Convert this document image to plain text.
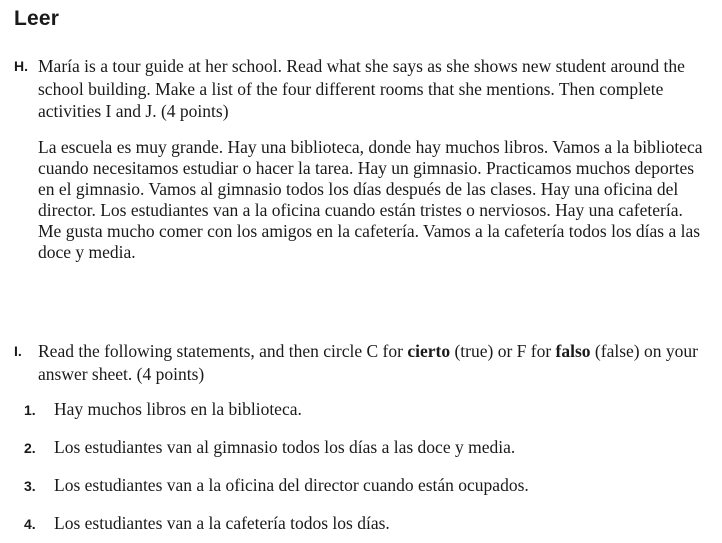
Leer
H. María is a tour guide at her school. Read what she says as she shows new student around the school building. Make a list of the four different rooms that she mentions. Then complete activities I and J. (4 points)
La escuela es muy grande. Hay una biblioteca, donde hay muchos libros. Vamos a la biblioteca cuando necesitamos estudiar o hacer la tarea. Hay un gimnasio. Practicamos muchos deportes en el gimnasio. Vamos al gimnasio todos los días después de las clases. Hay una oficina del director. Los estudiantes van a la oficina cuando están tristes o nerviosos. Hay una cafetería. Me gusta mucho comer con los amigos en la cafetería. Vamos a la cafetería todos los días a las doce y media.
I. Read the following statements, and then circle C for cierto (true) or F for falso (false) on your answer sheet. (4 points)
1. Hay muchos libros en la biblioteca.
2. Los estudiantes van al gimnasio todos los días a las doce y media.
3. Los estudiantes van a la oficina del director cuando están ocupados.
4. Los estudiantes van a la cafetería todos los días.
